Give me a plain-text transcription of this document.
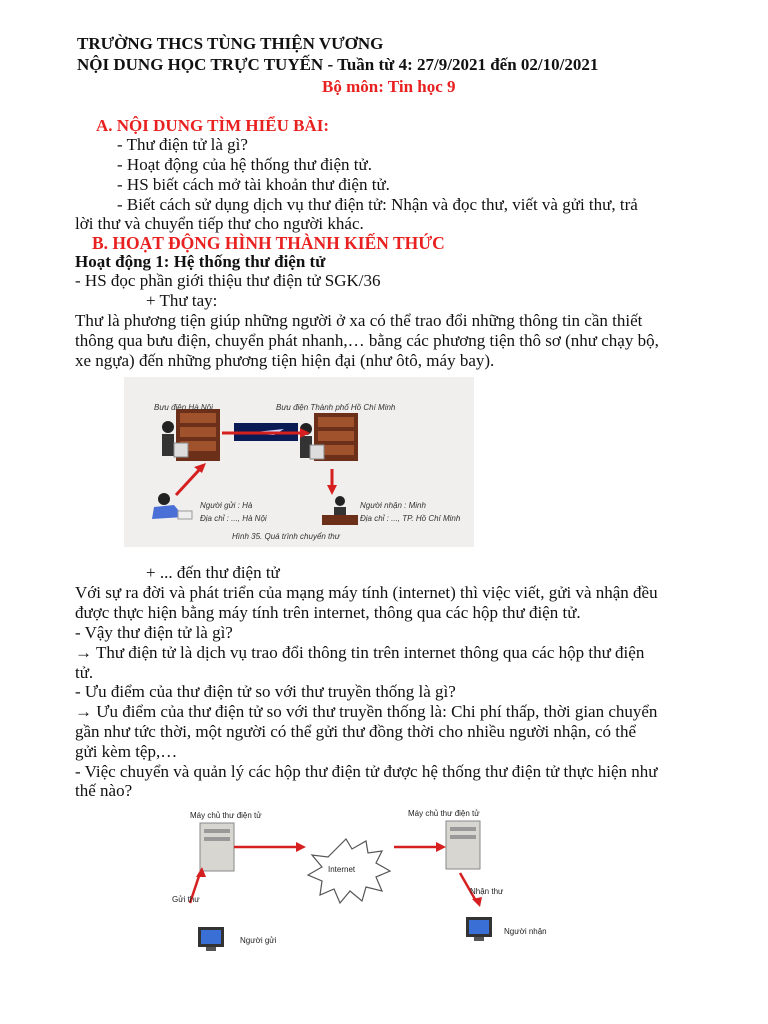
TRƯỜNG THCS TÙNG THIỆN VƯƠNG
NỘI DUNG HỌC TRỰC TUYẾN - Tuần từ 4: 27/9/2021 đến 02/10/2021
Bộ môn: Tin học 9
A. NỘI DUNG TÌM HIỂU BÀI:
- Thư điện tử là gì?
- Hoạt động của hệ thống thư điện tử.
- HS biết cách mở tài khoản thư điện tử.
- Biết cách sử dụng dịch vụ thư điện tử: Nhận và đọc thư, viết và gửi thư, trả
lời thư và chuyển tiếp thư cho người khác.
B. HOẠT ĐỘNG HÌNH THÀNH KIẾN THỨC
Hoạt động 1: Hệ thống thư điện tử
- HS đọc phần giới thiệu thư điện tử SGK/36
+ Thư tay:
Thư là phương tiện giúp những người ở xa có thể trao đổi những thông tin cần thiết
thông qua bưu điện, chuyển phát nhanh,… bằng các phương tiện thô sơ (như chạy bộ,
xe ngựa) đến những phương tiện hiện đại (như ôtô, máy bay).
Bưu điện Hà Nội	Bưu điện Thành phố Hồ Chí Minh
Người gửi : Hà
Địa chỉ : ..., Hà Nội
Người nhận : Minh
Địa chỉ : ..., TP. Hồ Chí Minh
Hình 35. Quá trình chuyển thư
+ ... đến thư điện tử
Với sự ra đời và phát triển của mạng máy tính (internet) thì việc viết, gửi và nhận đều
được thực hiện bằng máy tính trên internet, thông qua các hộp thư điện tử.
- Vậy thư điện tử là gì?
→ Thư điện tử là dịch vụ trao đổi thông tin trên internet thông qua các hộp thư điện
tử.
- Ưu điểm của thư điện tử so với thư truyền thống là gì?
→ Ưu điểm của thư điện tử so với thư truyền thống là: Chi phí thấp, thời gian chuyển
gần như tức thời, một người có thể gửi thư đồng thời cho nhiều người nhận, có thể
gửi kèm tệp,…
- Việc chuyển và quản lý các hộp thư điện tử được hệ thống thư điện tử thực hiện như
thế nào?
Máy chủ thư điện tử	Máy chủ thư điện tử
Internet
Gửi thư
Nhận thư
Người gửi
Người nhận
